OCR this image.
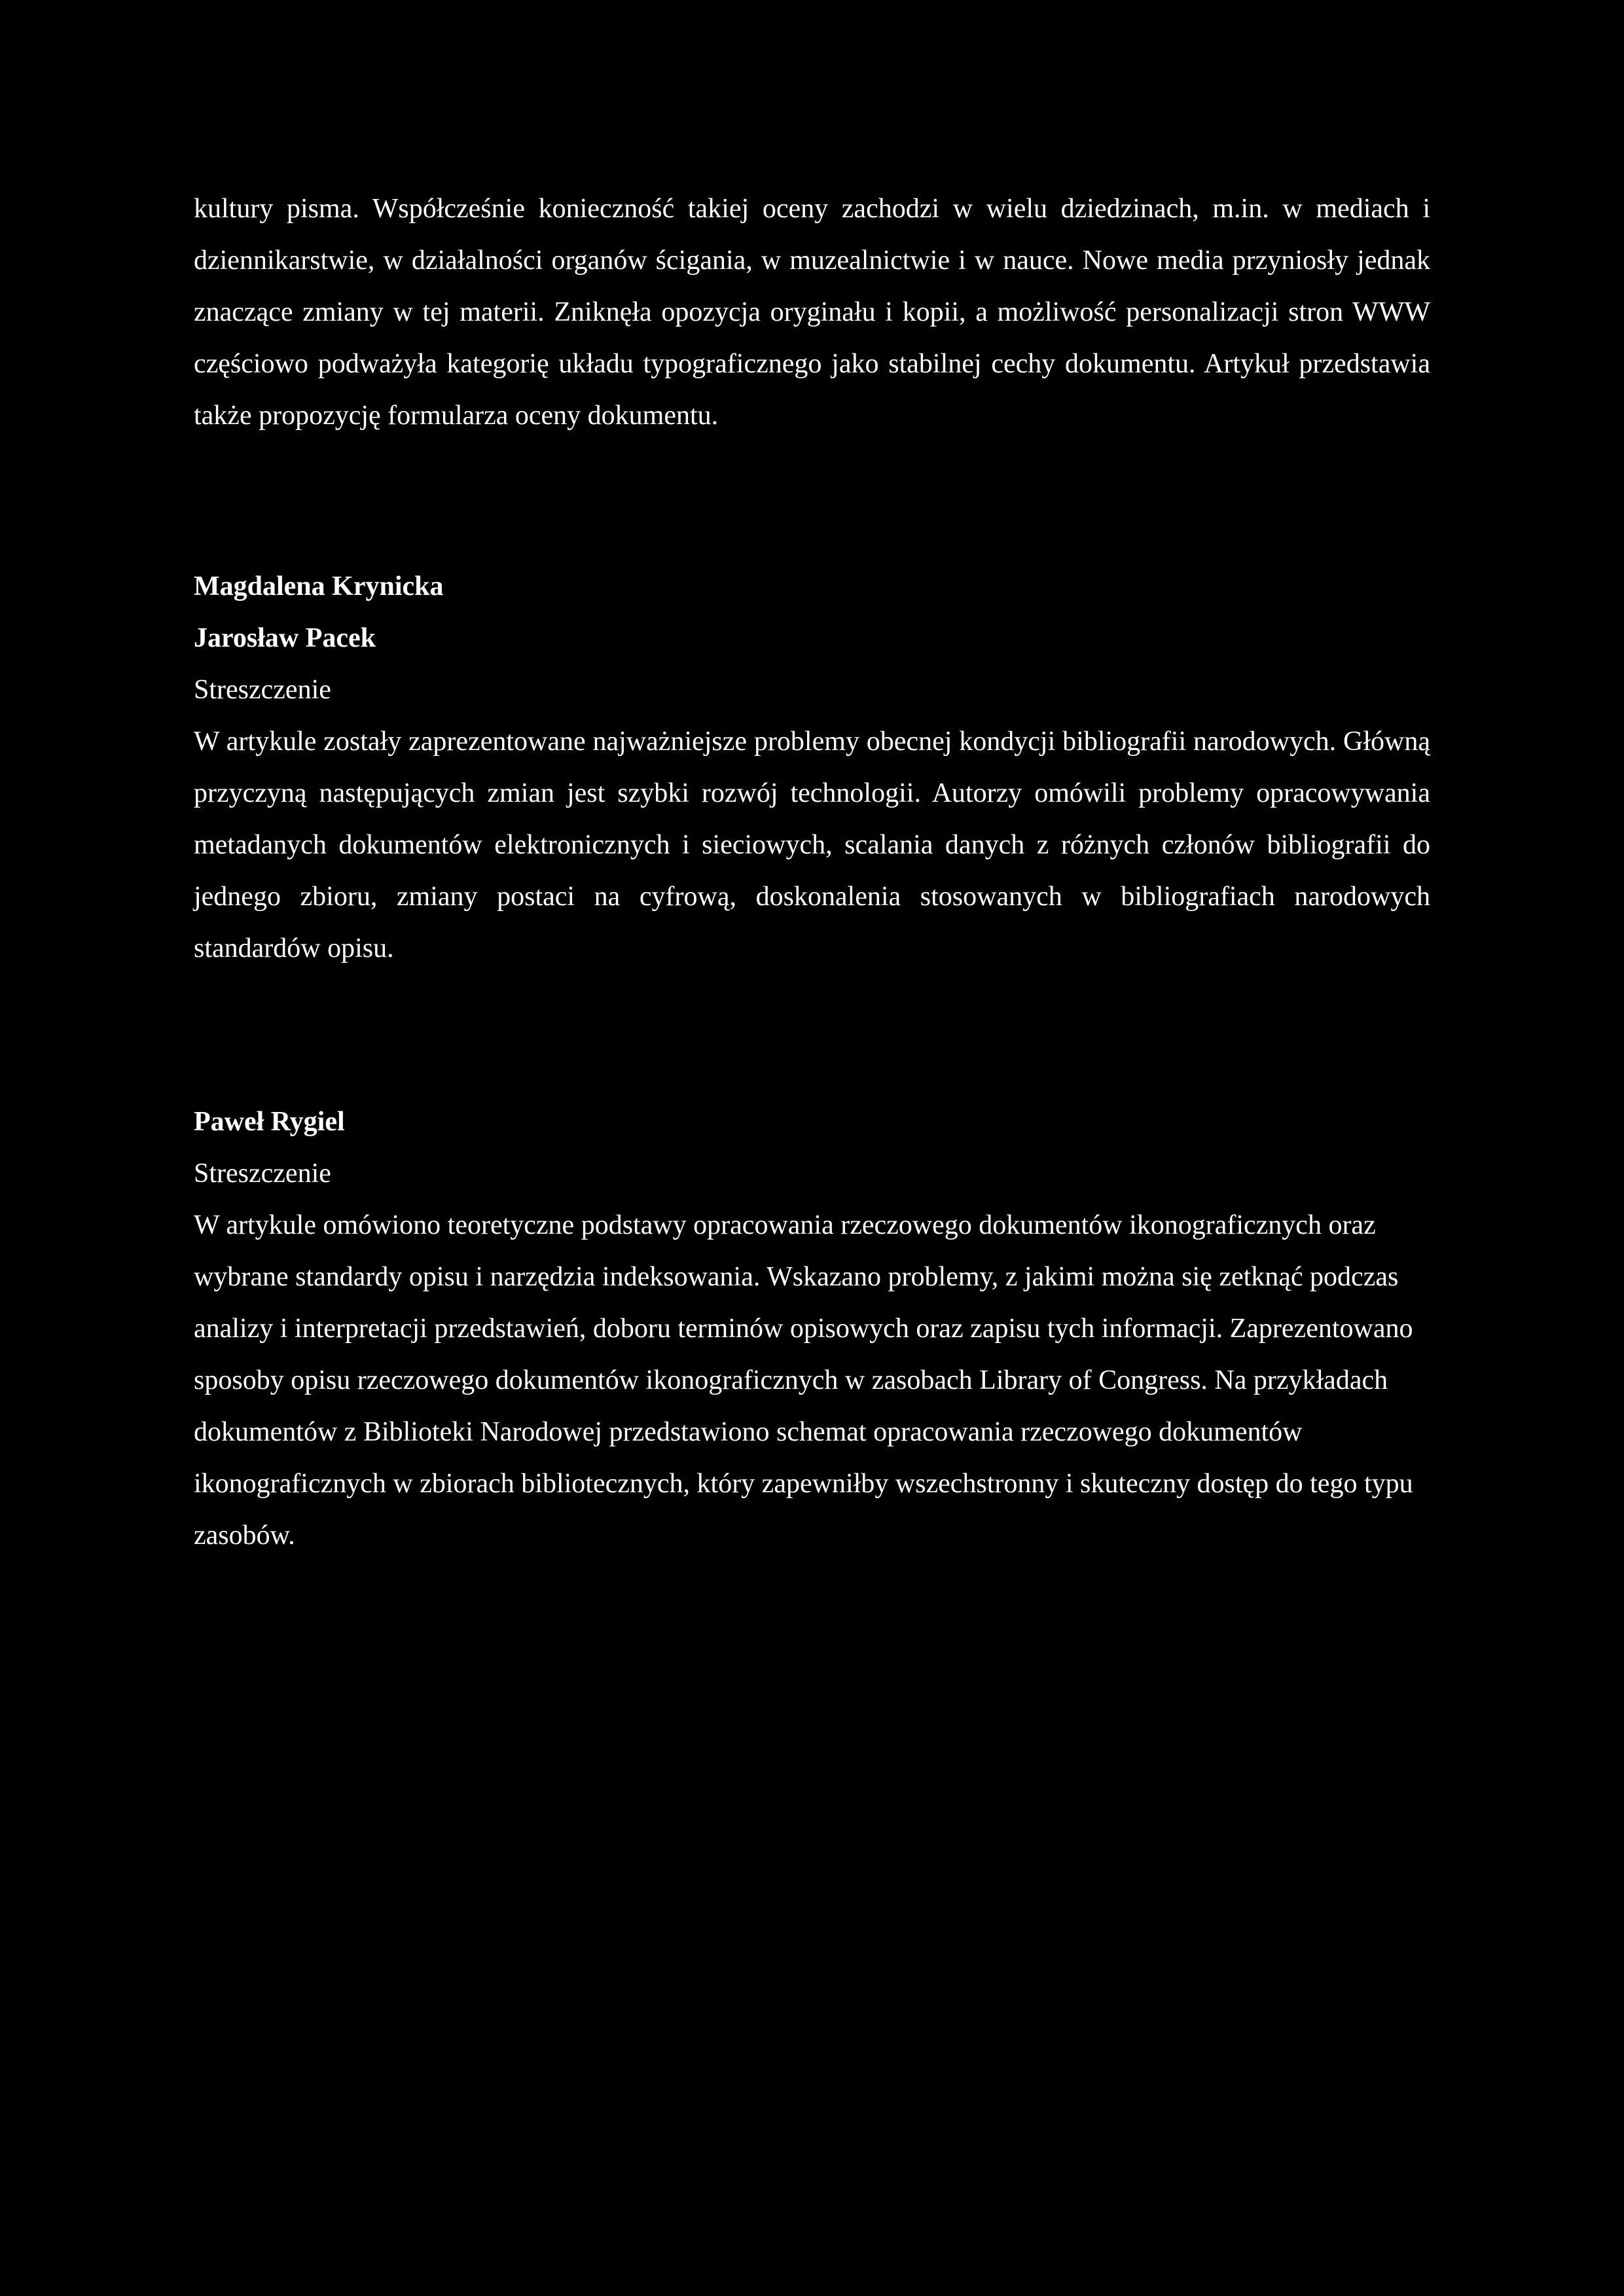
kultury pisma. Współcześnie konieczność takiej oceny zachodzi w wielu dziedzinach, m.in. w mediach i dziennikarstwie, w działalności organów ścigania, w muzealnictwie i w nauce. Nowe media przyniosły jednak znaczące zmiany w tej materii. Zniknęła opozycja oryginału i kopii, a możliwość personalizacji stron WWW częściowo podważyła kategorię układu typograficznego jako stabilnej cechy dokumentu. Artykuł przedstawia także propozycję formularza oceny dokumentu.

Magdalena Krynicka

Jarosław Pacek

Streszczenie

W artykule zostały zaprezentowane najważniejsze problemy obecnej kondycji bibliografii narodowych. Główną przyczyną następujących zmian jest szybki rozwój technologii. Autorzy omówili problemy opracowywania metadanych dokumentów elektronicznych i sieciowych, scalania danych z różnych członów bibliografii do jednego zbioru, zmiany postaci na cyfrową, doskonalenia stosowanych w bibliografiach narodowych standardów opisu.

Paweł Rygiel

Streszczenie

W artykule omówiono teoretyczne podstawy opracowania rzeczowego dokumentów ikonograficznych oraz wybrane standardy opisu i narzędzia indeksowania. Wskazano problemy, z jakimi można się zetknąć podczas analizy i interpretacji przedstawień, doboru terminów opisowych oraz zapisu tych informacji. Zaprezentowano sposoby opisu rzeczowego dokumentów ikonograficznych w zasobach Library of Congress. Na przykładach dokumentów z Biblioteki Narodowej przedstawiono schemat opracowania rzeczowego dokumentów ikonograficznych w zbiorach bibliotecznych, który zapewniłby wszechstronny i skuteczny dostęp do tego typu zasobów.
